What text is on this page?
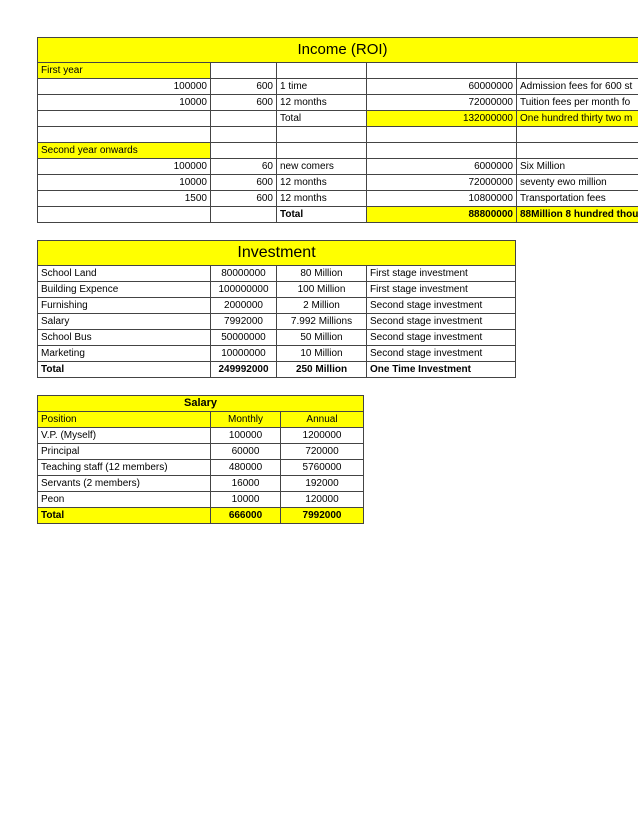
Income (ROI)				
First year				
100000	600	1 time	60000000	Admission fees for 600 st
10000	600	12 months	72000000	Tuition fees per month fo
		Total	132000000	One hundred thirty two m

Second year onwards				
100000	60	new comers	6000000	Six Million
10000	600	12 months	72000000	seventy ewo million
1500	600	12 months	10800000	Transportation fees
		Total	88800000	88Million 8 hundred thou
Investment			
School Land	80000000	80 Million	First stage investment
Building Expence	100000000	100 Million	First stage investment
Furnishing	2000000	2 Million	Second stage investment
Salary	7992000	7.992 Millions	Second stage investment
School Bus	50000000	50 Million	Second stage investment
Marketing	10000000	10 Million	Second stage investment
Total	249992000	250 Million	One Time Investment
Salary		
Position	Monthly	Annual
V.P. (Myself)	100000	1200000
Principal	60000	720000
Teaching staff (12 members)	480000	5760000
Servants (2 members)	16000	192000
Peon	10000	120000
Total	666000	7992000
